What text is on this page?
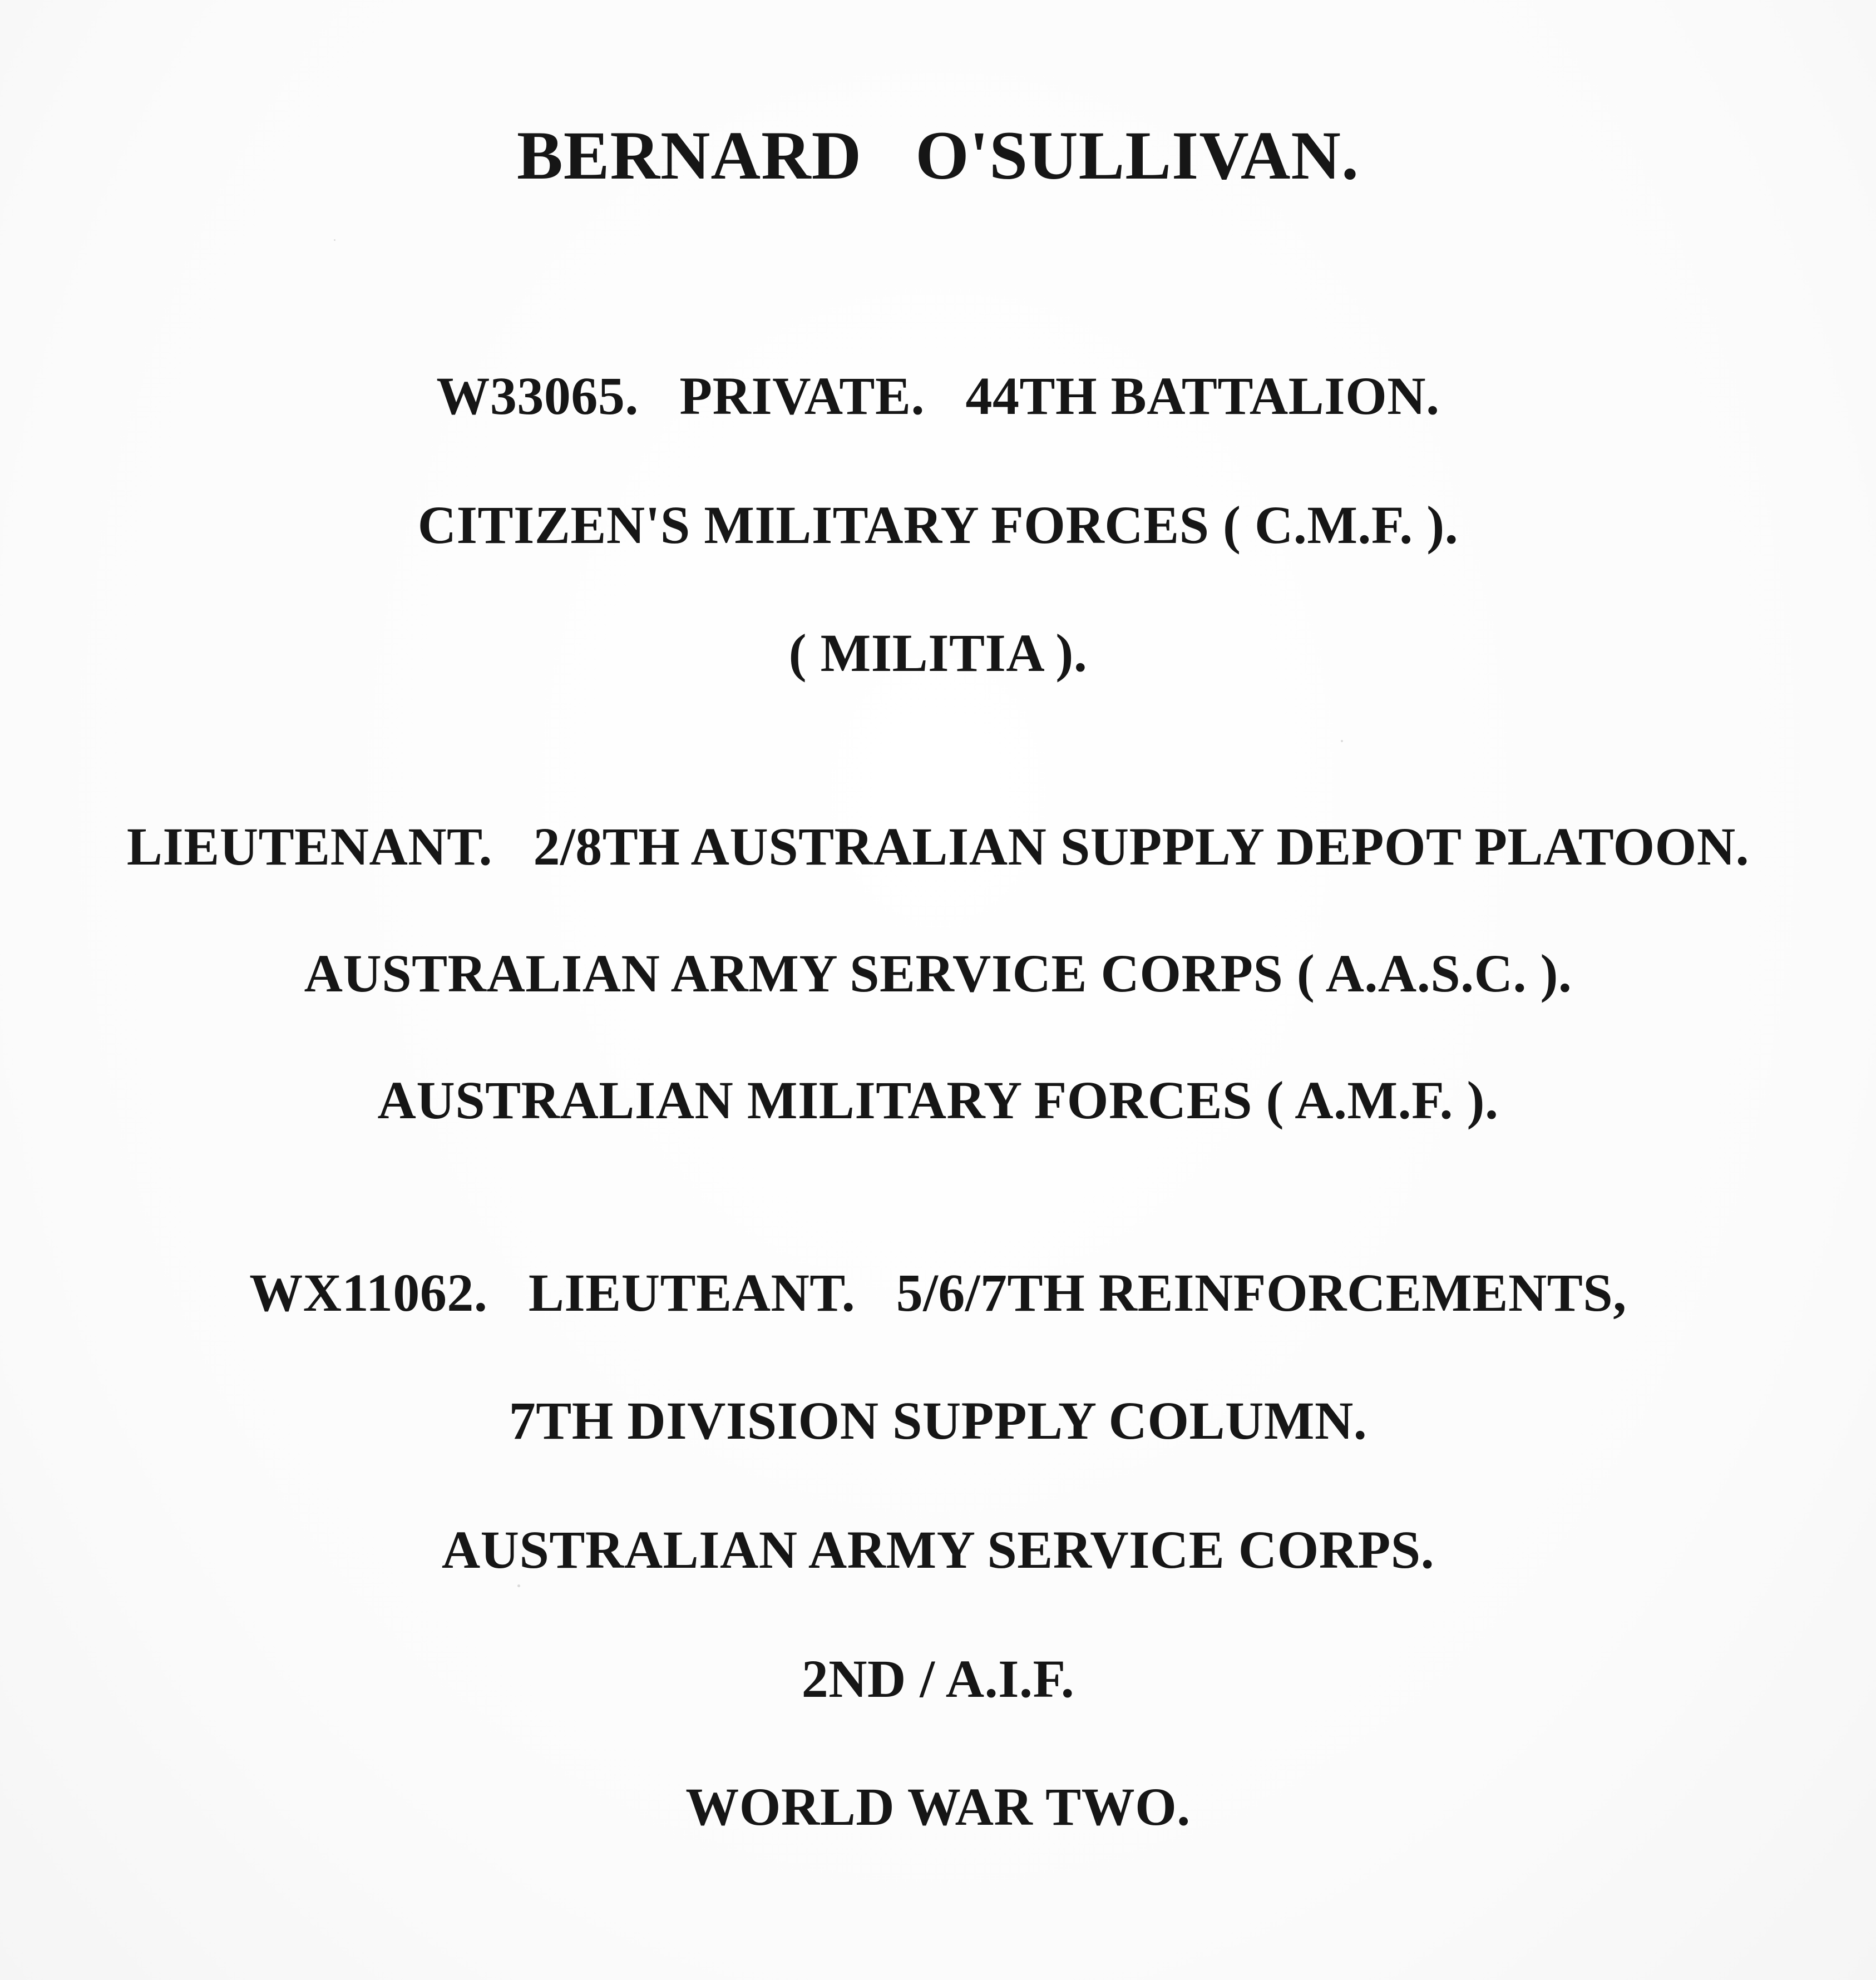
BERNARD   O'SULLIVAN.
W33065.   PRIVATE.   44TH BATTALION.
CITIZEN'S MILITARY FORCES ( C.M.F. ).
( MILITIA ).
LIEUTENANT.   2/8TH AUSTRALIAN SUPPLY DEPOT PLATOON.
AUSTRALIAN ARMY SERVICE CORPS ( A.A.S.C. ).
AUSTRALIAN MILITARY FORCES ( A.M.F. ).
WX11062.   LIEUTEANT.   5/6/7TH REINFORCEMENTS,
7TH DIVISION SUPPLY COLUMN.
AUSTRALIAN ARMY SERVICE CORPS.
2ND / A.I.F.
WORLD WAR TWO.
